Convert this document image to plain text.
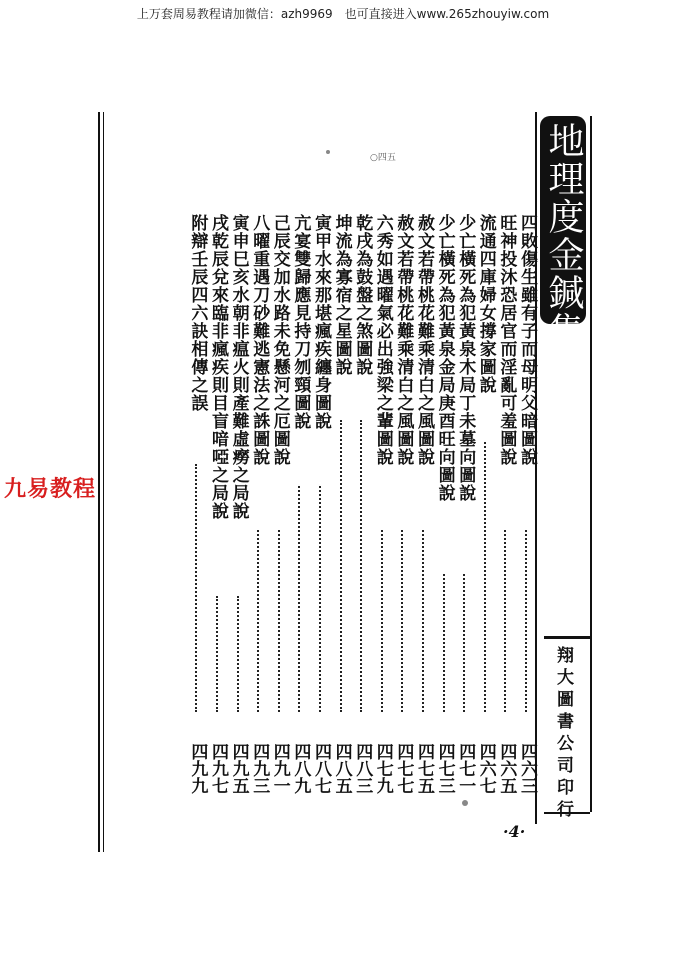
上万套周易教程请加微信：azh9969　也可直接进入www.265zhouyiw.com
地理度金鍼集
翔大圖書公司印行
·4·
○四五
九易教程
四敗傷生雖有子而母明父暗圖說
四六三
旺神投沐恐居官而淫亂可羞圖說
四六五
流通四庫婦女撐家圖說
四六七
少亡橫死為犯黃泉木局丁未墓向圖說
四七一
少亡橫死為犯黃泉金局庚酉旺向圖說
四七三
赦文若帶桃花難乘清白之風圖說
四七五
赦文若帶桃花難乘清白之風圖說
四七七
六秀如遇曜氣必出強梁之輩圖說
四七九
乾戌為鼓盤之煞圖說
四八三
坤流為寡宿之星圖說
四八五
寅甲水來那堪瘋疾纏身圖說
四八七
亢宴雙歸應見持刀刎頸圖說
四八九
己辰交加水路未免懸河之厄圖說
四九一
八曜重遇刀砂難逃憲法之誅圖說
四九三
寅申巳亥水朝非瘟火則產難虛癆之局說
四九五
戌乾辰兌來臨非瘋疾則目盲喑啞之局說
四九七
附辯壬辰四六訣相傳之誤
四九九
